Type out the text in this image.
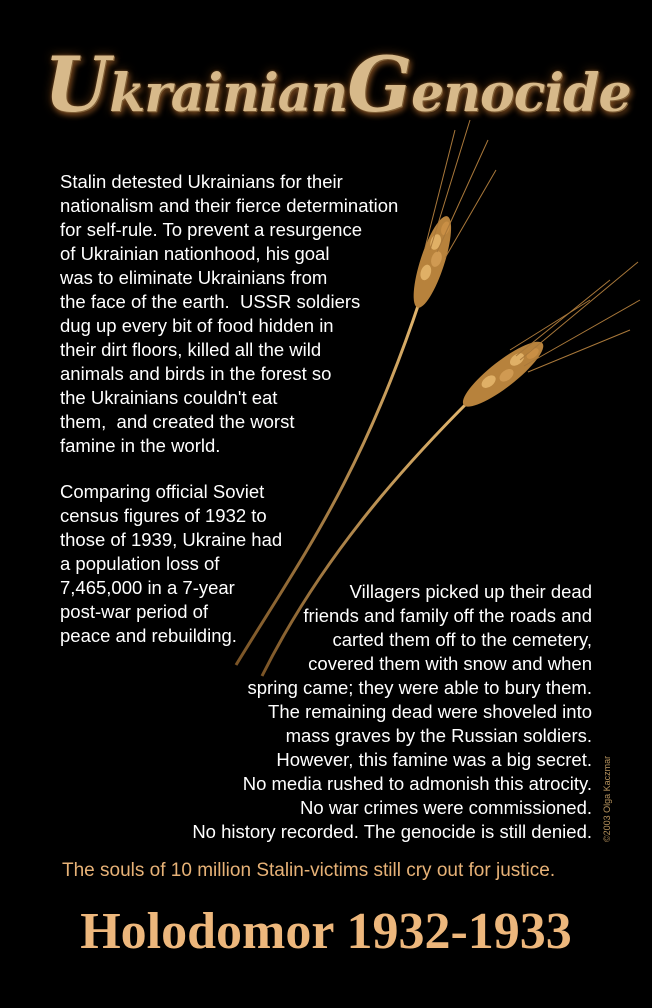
UkrainianGenocide
Stalin detested Ukrainians for their
nationalism and their fierce determination
for self-rule. To prevent a resurgence
of Ukrainian nationhood, his goal
was to eliminate Ukrainians from
the face of the earth.  USSR soldiers
dug up every bit of food hidden in
their dirt floors, killed all the wild
animals and birds in the forest so
the Ukrainians couldn't eat
them,  and created the worst
famine in the world.
Comparing official Soviet
census figures of 1932 to
those of 1939, Ukraine had
a population loss of
7,465,000 in a 7-year
post-war period of
peace and rebuilding.
Villagers picked up their dead
friends and family off the roads and
carted them off to the cemetery,
covered them with snow and when
spring came; they were able to bury them.
The remaining dead were shoveled into
mass graves by the Russian soldiers.
However, this famine was a big secret.
No media rushed to admonish this atrocity.
No war crimes were commissioned.
No history recorded. The genocide is still denied. ©2003 Olga Kaczmar
The souls of 10 million Stalin-victims still cry out for justice.
Holodomor 1932-1933
